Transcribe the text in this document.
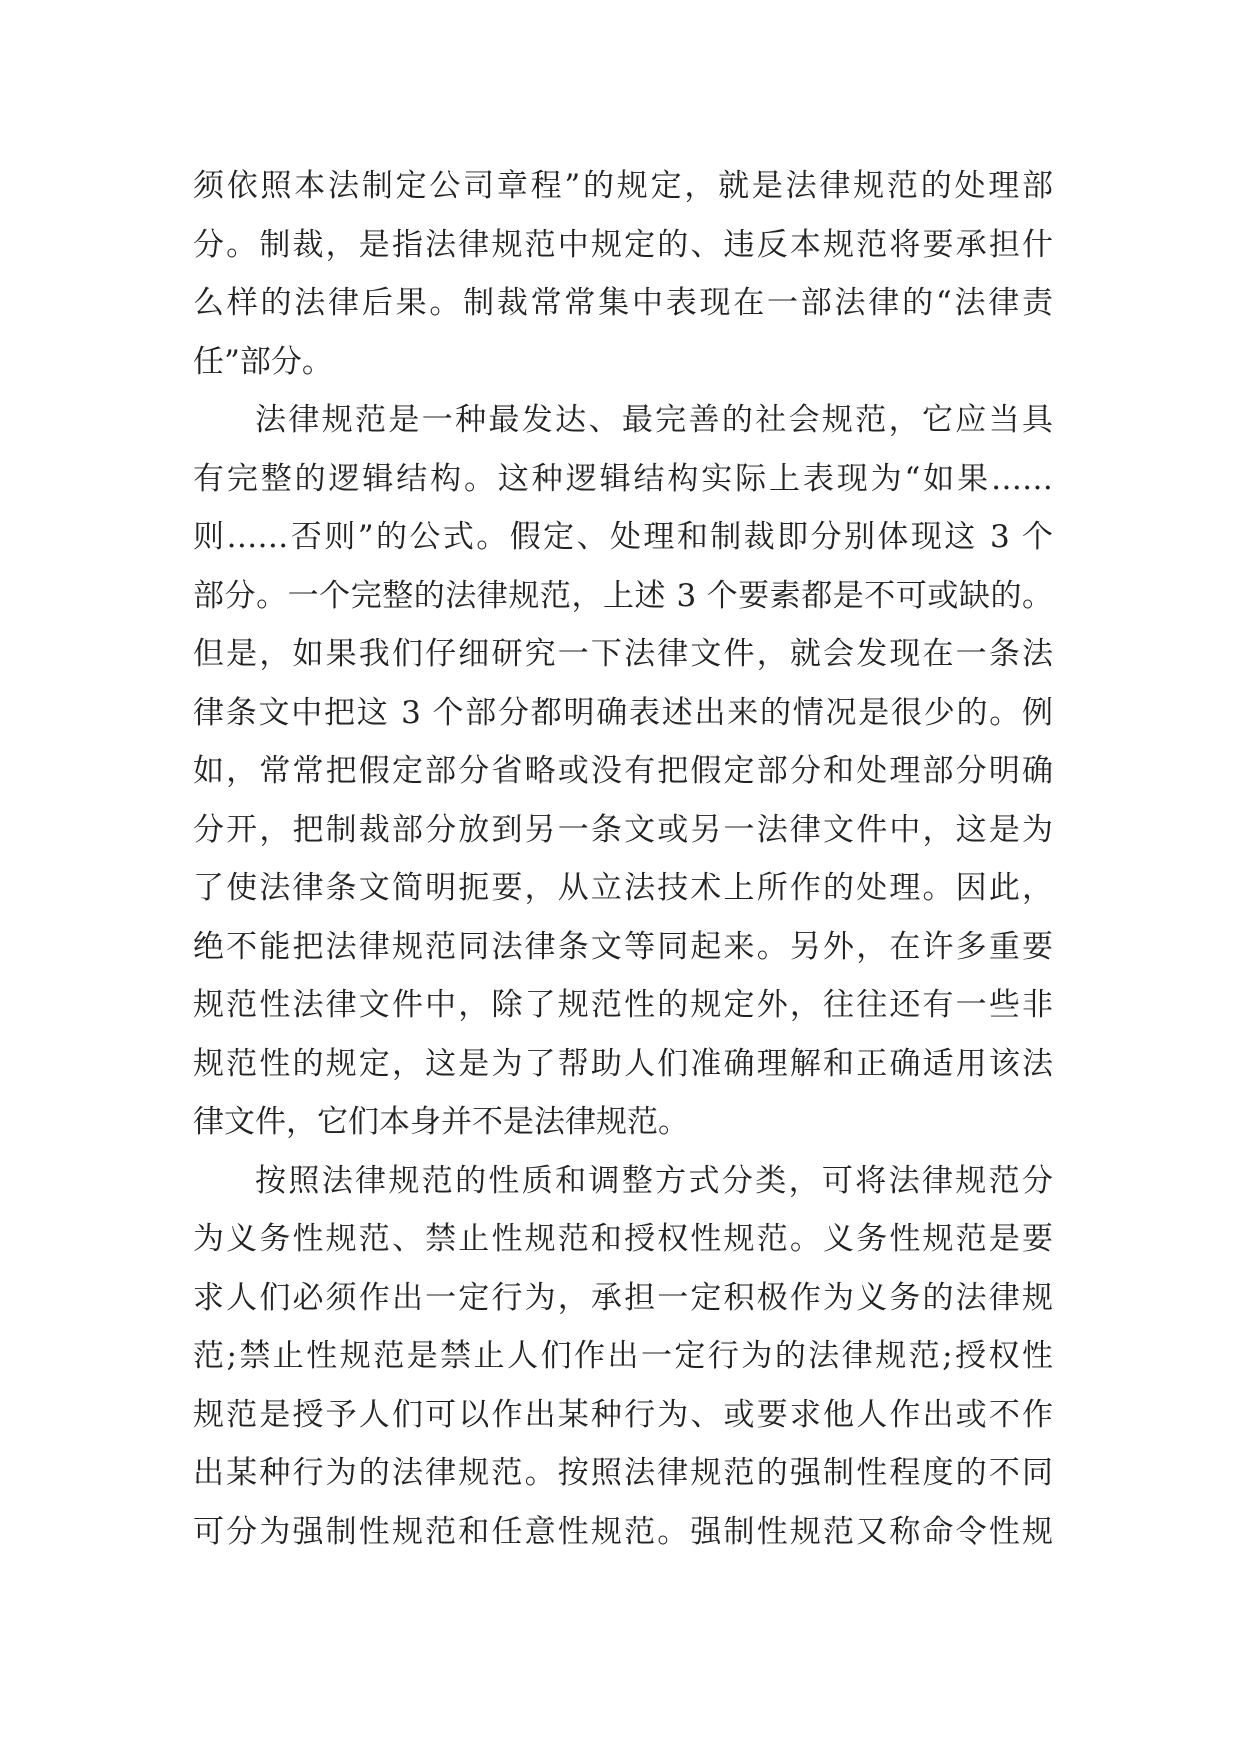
须依照本法制定公司章程”的规定，就是法律规范的处理部
分。制裁，是指法律规范中规定的、违反本规范将要承担什
么样的法律后果。制裁常常集中表现在一部法律的“法律责
任”部分。
法律规范是一种最发达、最完善的社会规范，它应当具
有完整的逻辑结构。这种逻辑结构实际上表现为“如果……
则……否则”的公式。假定、处理和制裁即分别体现这 3 个
部分。一个完整的法律规范，上述 3 个要素都是不可或缺的。
但是，如果我们仔细研究一下法律文件，就会发现在一条法
律条文中把这 3 个部分都明确表述出来的情况是很少的。例
如，常常把假定部分省略或没有把假定部分和处理部分明确
分开，把制裁部分放到另一条文或另一法律文件中，这是为
了使法律条文简明扼要，从立法技术上所作的处理。因此，
绝不能把法律规范同法律条文等同起来。另外，在许多重要
规范性法律文件中，除了规范性的规定外，往往还有一些非
规范性的规定，这是为了帮助人们准确理解和正确适用该法
律文件，它们本身并不是法律规范。
按照法律规范的性质和调整方式分类，可将法律规范分
为义务性规范、禁止性规范和授权性规范。义务性规范是要
求人们必须作出一定行为，承担一定积极作为义务的法律规
范;禁止性规范是禁止人们作出一定行为的法律规范;授权性
规范是授予人们可以作出某种行为、或要求他人作出或不作
出某种行为的法律规范。按照法律规范的强制性程度的不同
可分为强制性规范和任意性规范。强制性规范又称命令性规
